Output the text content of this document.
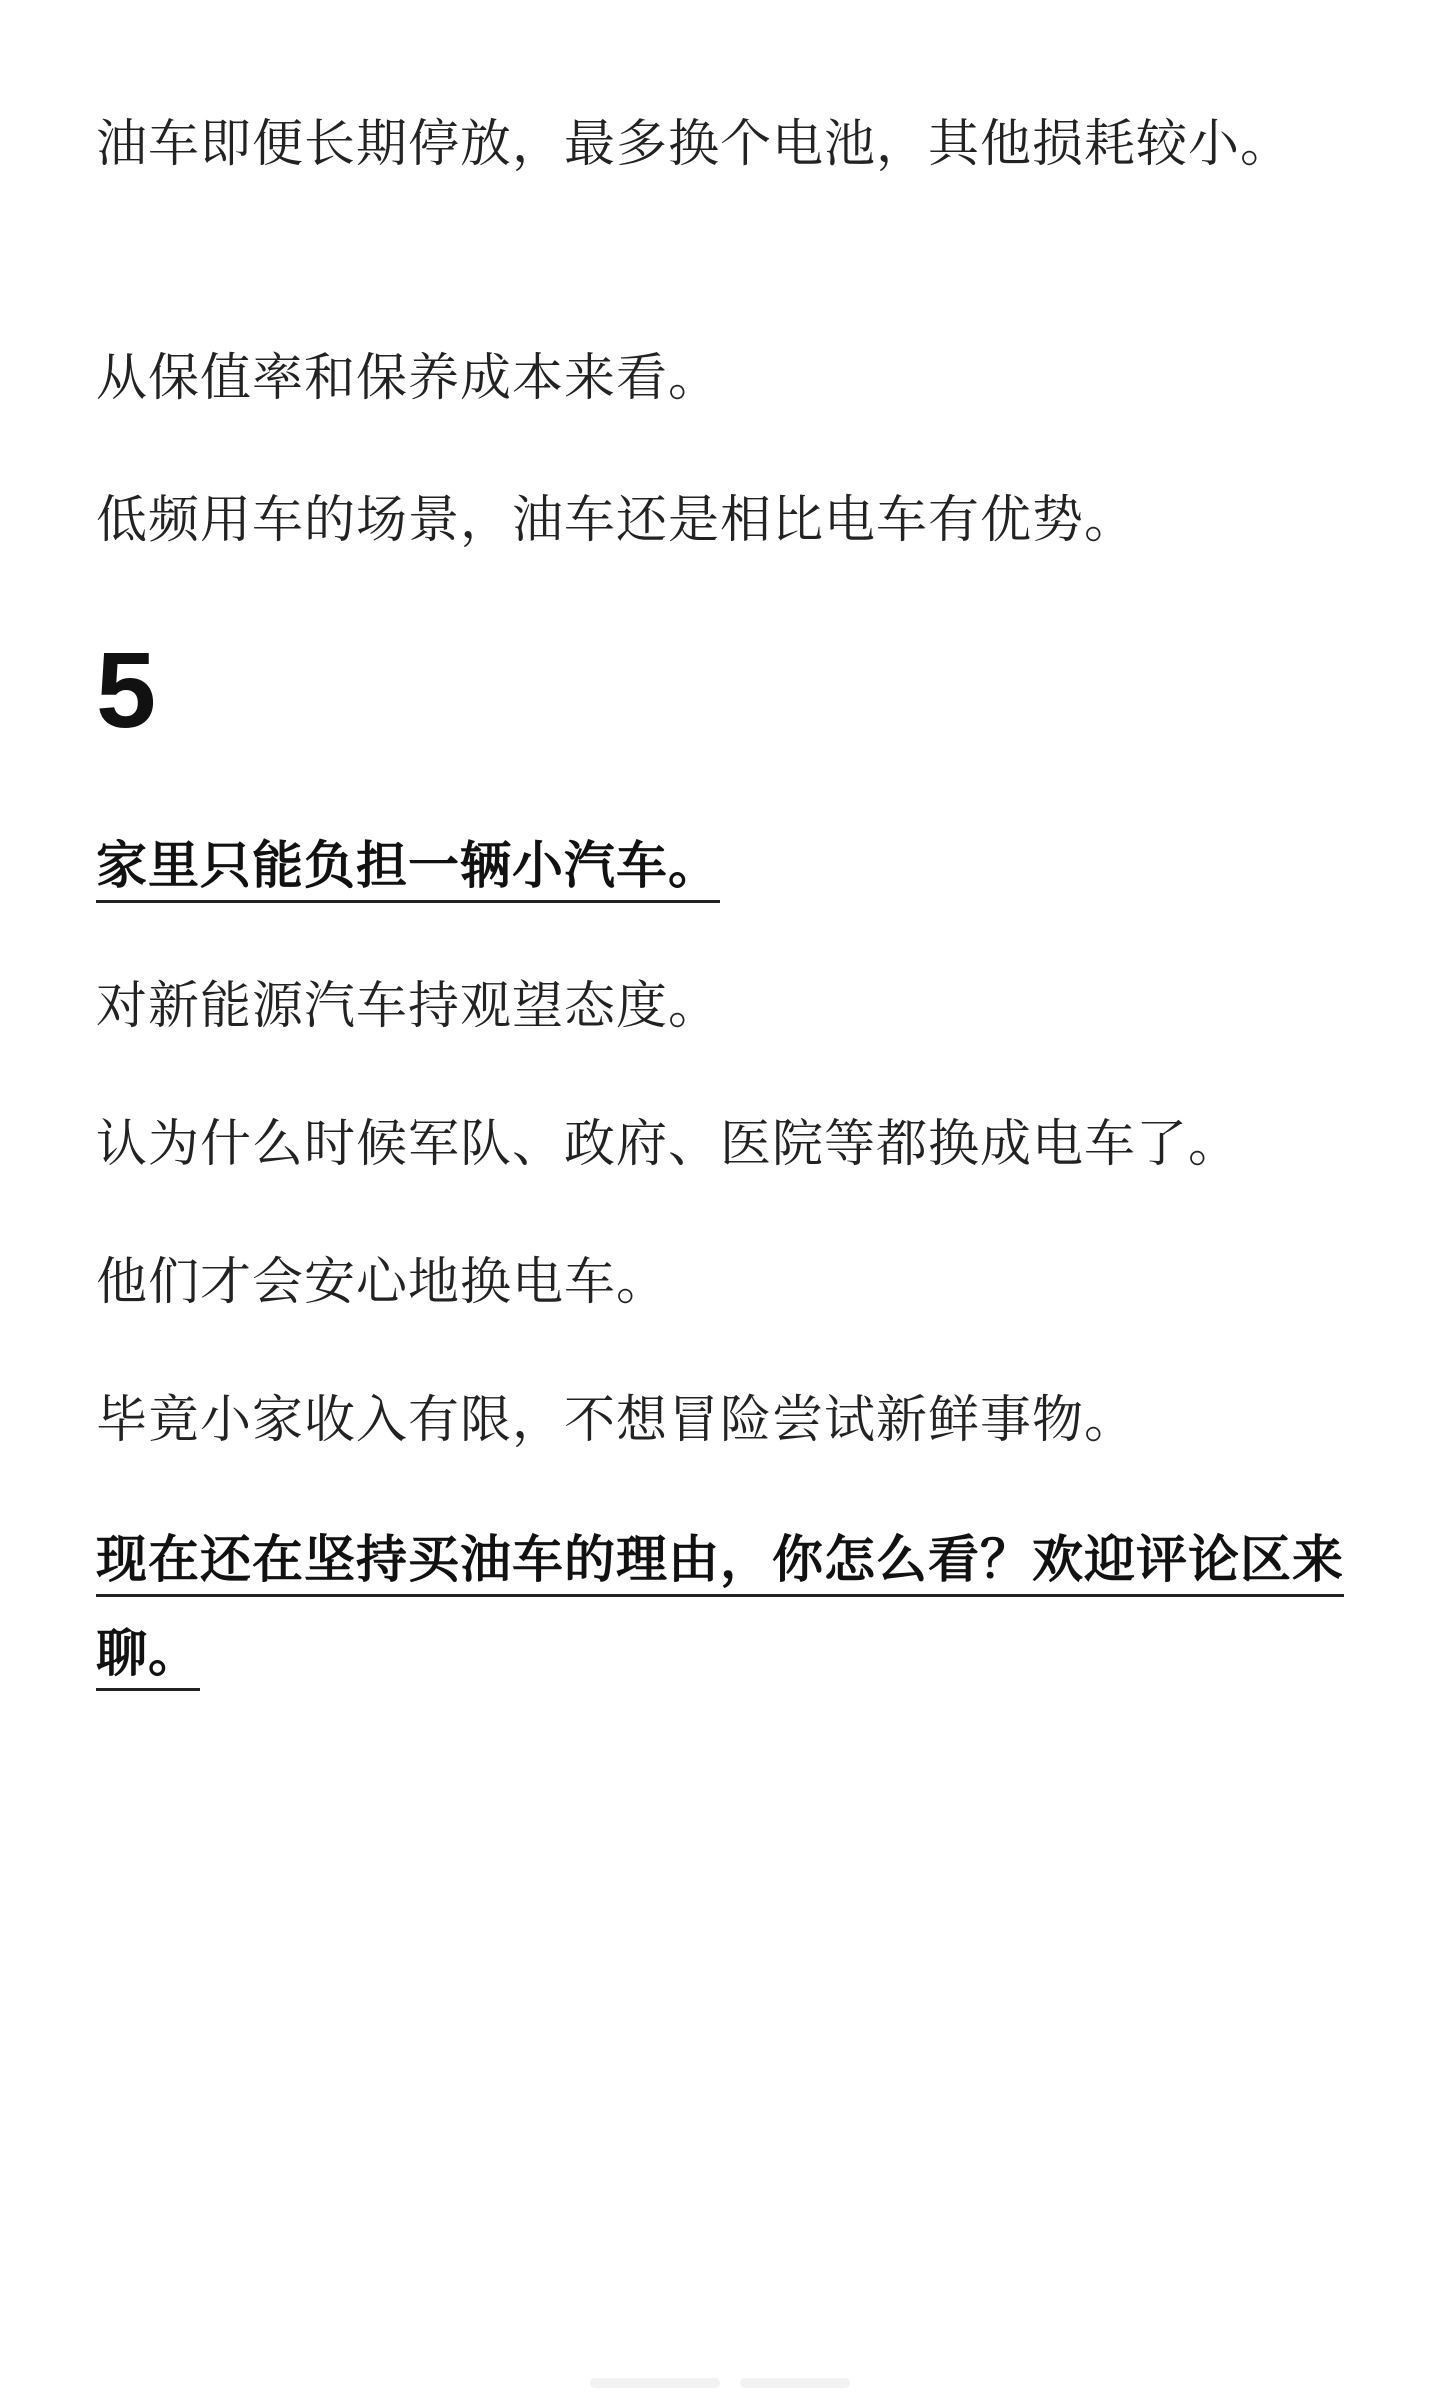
油车即便长期停放，最多换个电池，其他损耗较小。

从保值率和保养成本来看。

低频用车的场景，油车还是相比电车有优势。

5

家里只能负担一辆小汽车。

对新能源汽车持观望态度。

认为什么时候军队、政府、医院等都换成电车了。

他们才会安心地换电车。

毕竟小家收入有限，不想冒险尝试新鲜事物。

现在还在坚持买油车的理由，你怎么看？欢迎评论区来聊。
